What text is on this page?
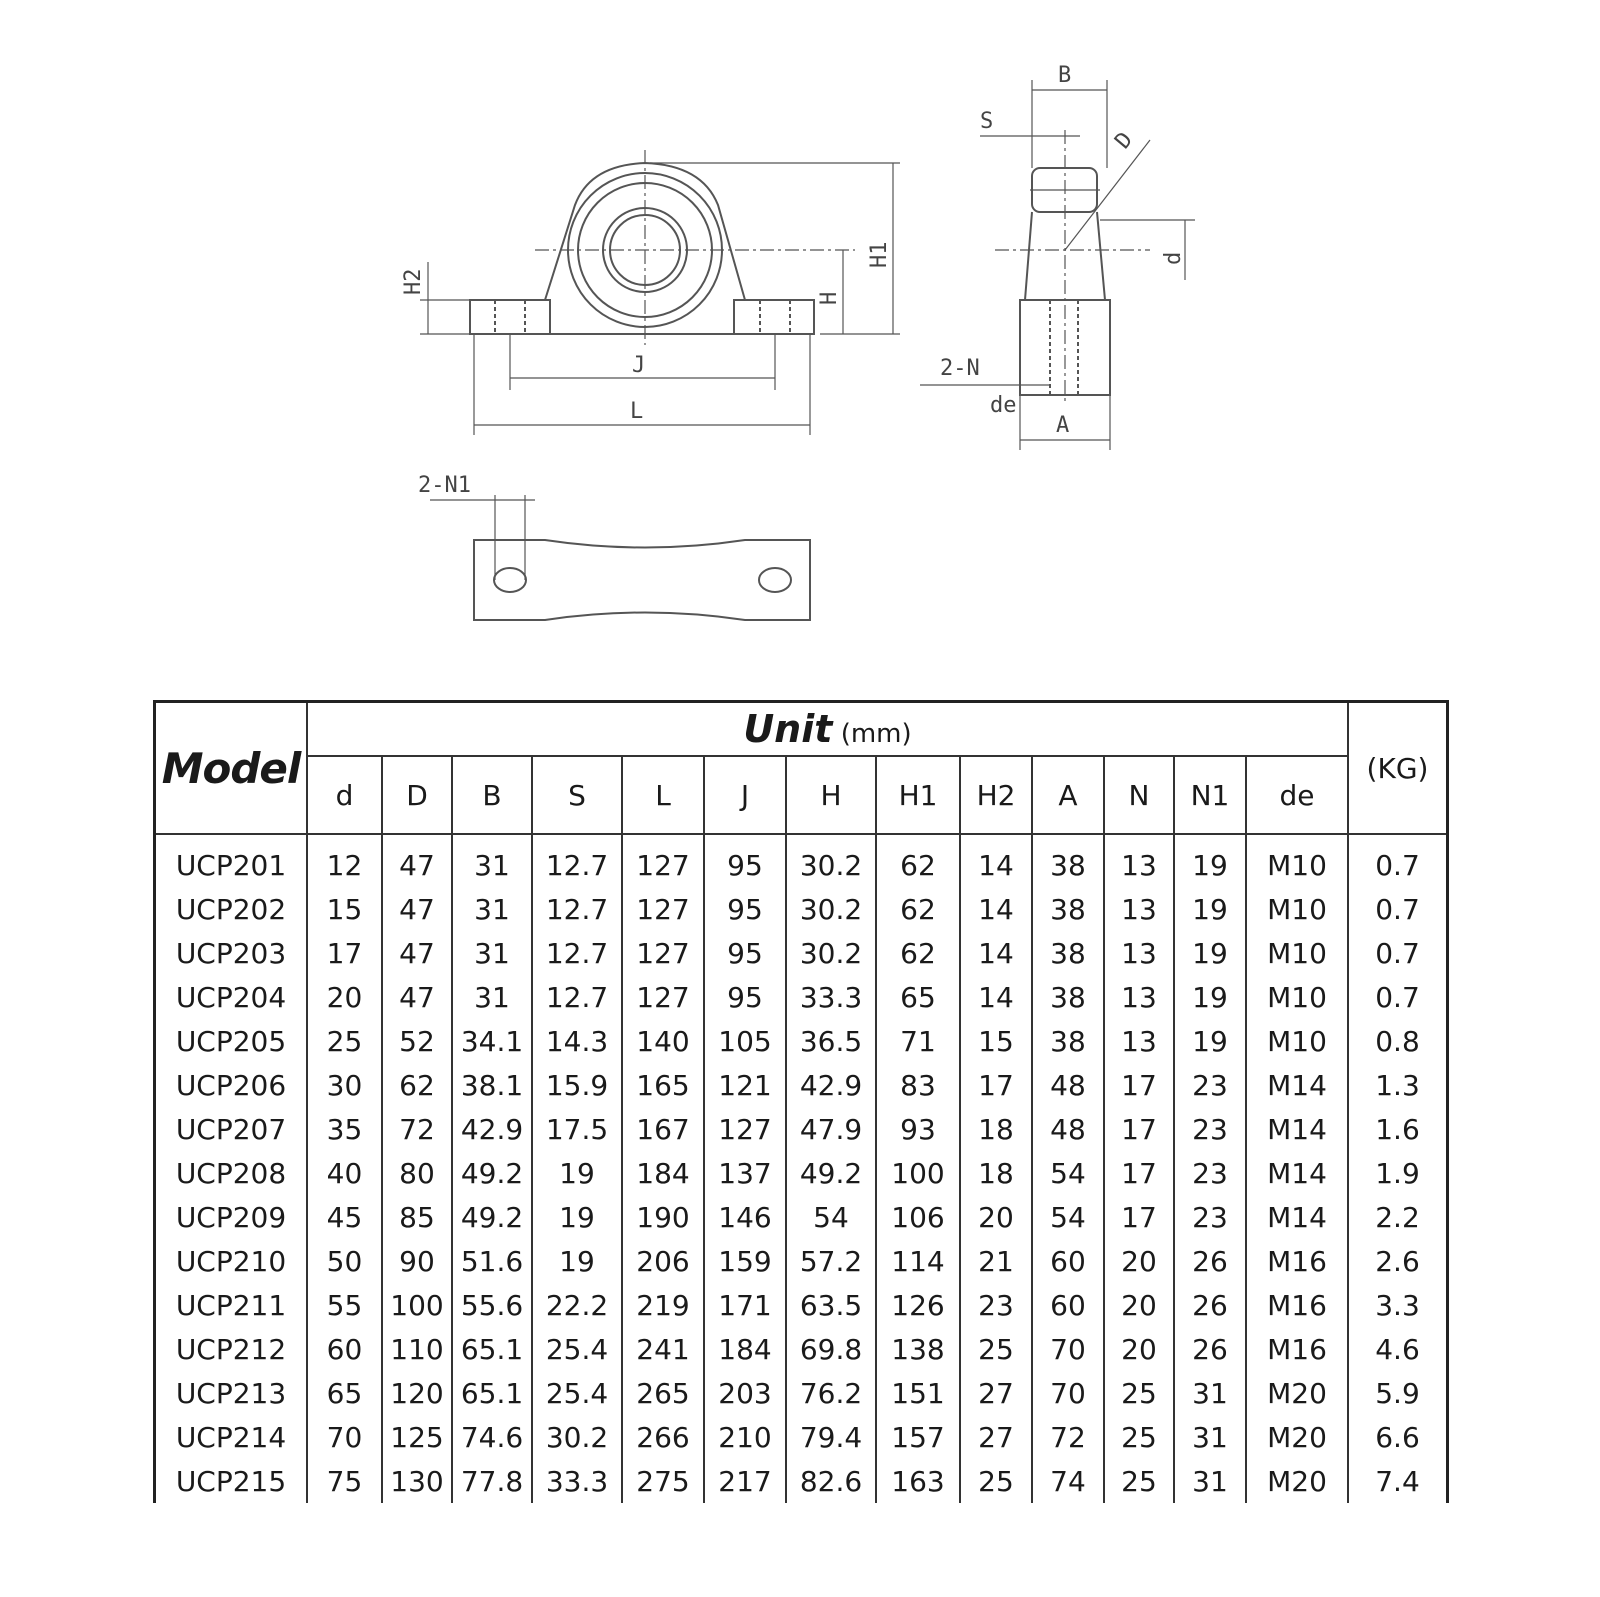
H2
H
H1
J
L
B
S
D
d
2-N
de
A
2-N1
Model	Unit (mm)													(KG)
	d	D	B	S	L	J	H	H1	H2	A	N	N1	de	
UCP201	12	47	31	12.7	127	95	30.2	62	14	38	13	19	M10	0.7
UCP202	15	47	31	12.7	127	95	30.2	62	14	38	13	19	M10	0.7
UCP203	17	47	31	12.7	127	95	30.2	62	14	38	13	19	M10	0.7
UCP204	20	47	31	12.7	127	95	33.3	65	14	38	13	19	M10	0.7
UCP205	25	52	34.1	14.3	140	105	36.5	71	15	38	13	19	M10	0.8
UCP206	30	62	38.1	15.9	165	121	42.9	83	17	48	17	23	M14	1.3
UCP207	35	72	42.9	17.5	167	127	47.9	93	18	48	17	23	M14	1.6
UCP208	40	80	49.2	19	184	137	49.2	100	18	54	17	23	M14	1.9
UCP209	45	85	49.2	19	190	146	54	106	20	54	17	23	M14	2.2
UCP210	50	90	51.6	19	206	159	57.2	114	21	60	20	26	M16	2.6
UCP211	55	100	55.6	22.2	219	171	63.5	126	23	60	20	26	M16	3.3
UCP212	60	110	65.1	25.4	241	184	69.8	138	25	70	20	26	M16	4.6
UCP213	65	120	65.1	25.4	265	203	76.2	151	27	70	25	31	M20	5.9
UCP214	70	125	74.6	30.2	266	210	79.4	157	27	72	25	31	M20	6.6
UCP215	75	130	77.8	33.3	275	217	82.6	163	25	74	25	31	M20	7.4
